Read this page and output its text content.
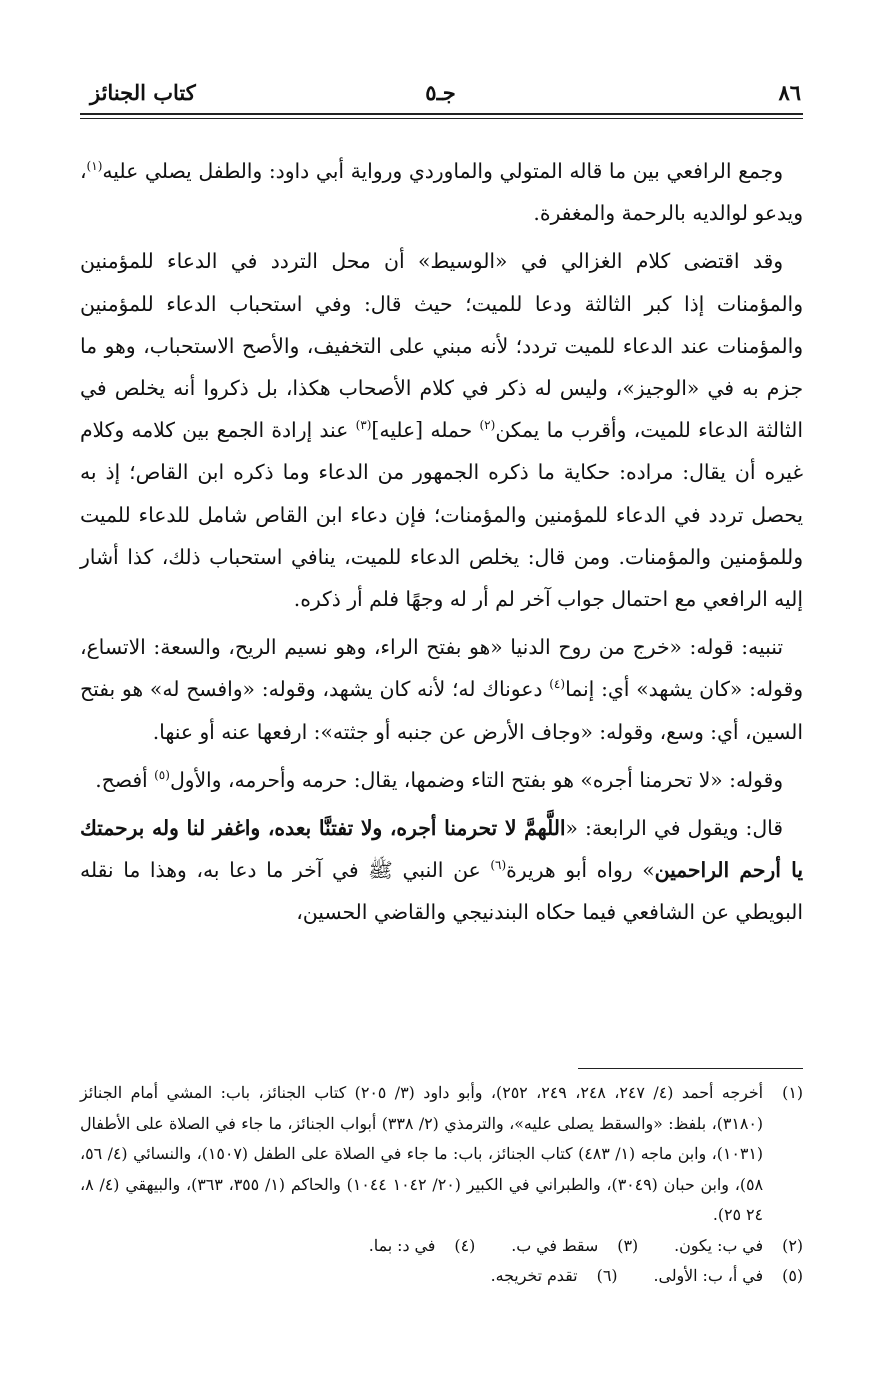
كتاب الجنائز	جـ٥	٨٦

وجمع الرافعي بين ما قاله المتولي والماوردي ورواية أبي داود: والطفل يصلي عليه$^{(١)}$، ويدعو لوالديه بالرحمة والمغفرة.

وقد اقتضى كلام الغزالي في «الوسيط» أن محل التردد في الدعاء للمؤمنين والمؤمنات إذا كبر الثالثة ودعا للميت؛ حيث قال: وفي استحباب الدعاء للمؤمنين والمؤمنات عند الدعاء للميت تردد؛ لأنه مبني على التخفيف، والأصح الاستحباب، وهو ما جزم به في «الوجيز»، وليس له ذكر في كلام الأصحاب هكذا، بل ذكروا أنه يخلص في الثالثة الدعاء للميت، وأقرب ما يمكن$^{(٢)}$ حمله [عليه]$^{(٣)}$ عند إرادة الجمع بين كلامه وكلام غيره أن يقال: مراده: حكاية ما ذكره الجمهور من الدعاء وما ذكره ابن القاص؛ إذ به يحصل تردد في الدعاء للمؤمنين والمؤمنات؛ فإن دعاء ابن القاص شامل للدعاء للميت وللمؤمنين والمؤمنات. ومن قال: يخلص الدعاء للميت، ينافي استحباب ذلك، كذا أشار إليه الرافعي مع احتمال جواب آخر لم أر له وجهًا فلم أر ذكره.

تنبيه: قوله: «خرج من روح الدنيا «هو بفتح الراء، وهو نسيم الريح، والسعة: الاتساع، وقوله: «كان يشهد» أي: إنما$^{(٤)}$ دعوناك له؛ لأنه كان يشهد، وقوله: «وافسح له» هو بفتح السين، أي: وسع، وقوله: «وجاف الأرض عن جنبه أو جثته»: ارفعها عنه أو عنها.

وقوله: «لا تحرمنا أجره» هو بفتح التاء وضمها، يقال: حرمه وأحرمه، والأول$^{(٥)}$ أفصح.

قال: ويقول في الرابعة: «اللَّهمَّ لا تحرمنا أجره، ولا تفتنَّا بعده، واغفر لنا وله برحمتك يا أرحم الراحمين» رواه أبو هريرة$^{(٦)}$ عن النبي ﷺ في آخر ما دعا به، وهذا ما نقله البويطي عن الشافعي فيما حكاه البندنيجي والقاضي الحسين،

(١)
أخرجه أحمد (٤/ ٢٤٧، ٢٤٨، ٢٤٩، ٢٥٢)، وأبو داود (٣/ ٢٠٥) كتاب الجنائز، باب: المشي أمام الجنائز (٣١٨٠)، بلفظ: «والسقط يصلى عليه»، والترمذي (٢/ ٣٣٨) أبواب الجنائز، ما جاء في الصلاة على الأطفال (١٠٣١)، وابن ماجه (١/ ٤٨٣) كتاب الجنائز، باب: ما جاء في الصلاة على الطفل (١٥٠٧)، والنسائي (٤/ ٥٦، ٥٨)، وابن حبان (٣٠٤٩)، والطبراني في الكبير (٢٠/ ١٠٤٢ ١٠٤٤) والحاكم (١/ ٣٥٥، ٣٦٣)، والبيهقي (٤/ ٨، ٢٤ ٢٥).
(٢)
في ب: يكون.
(٣)
سقط في ب.
(٤)
في د: بما.
(٥)
في أ، ب: الأولى.
(٦)
تقدم تخريجه.
